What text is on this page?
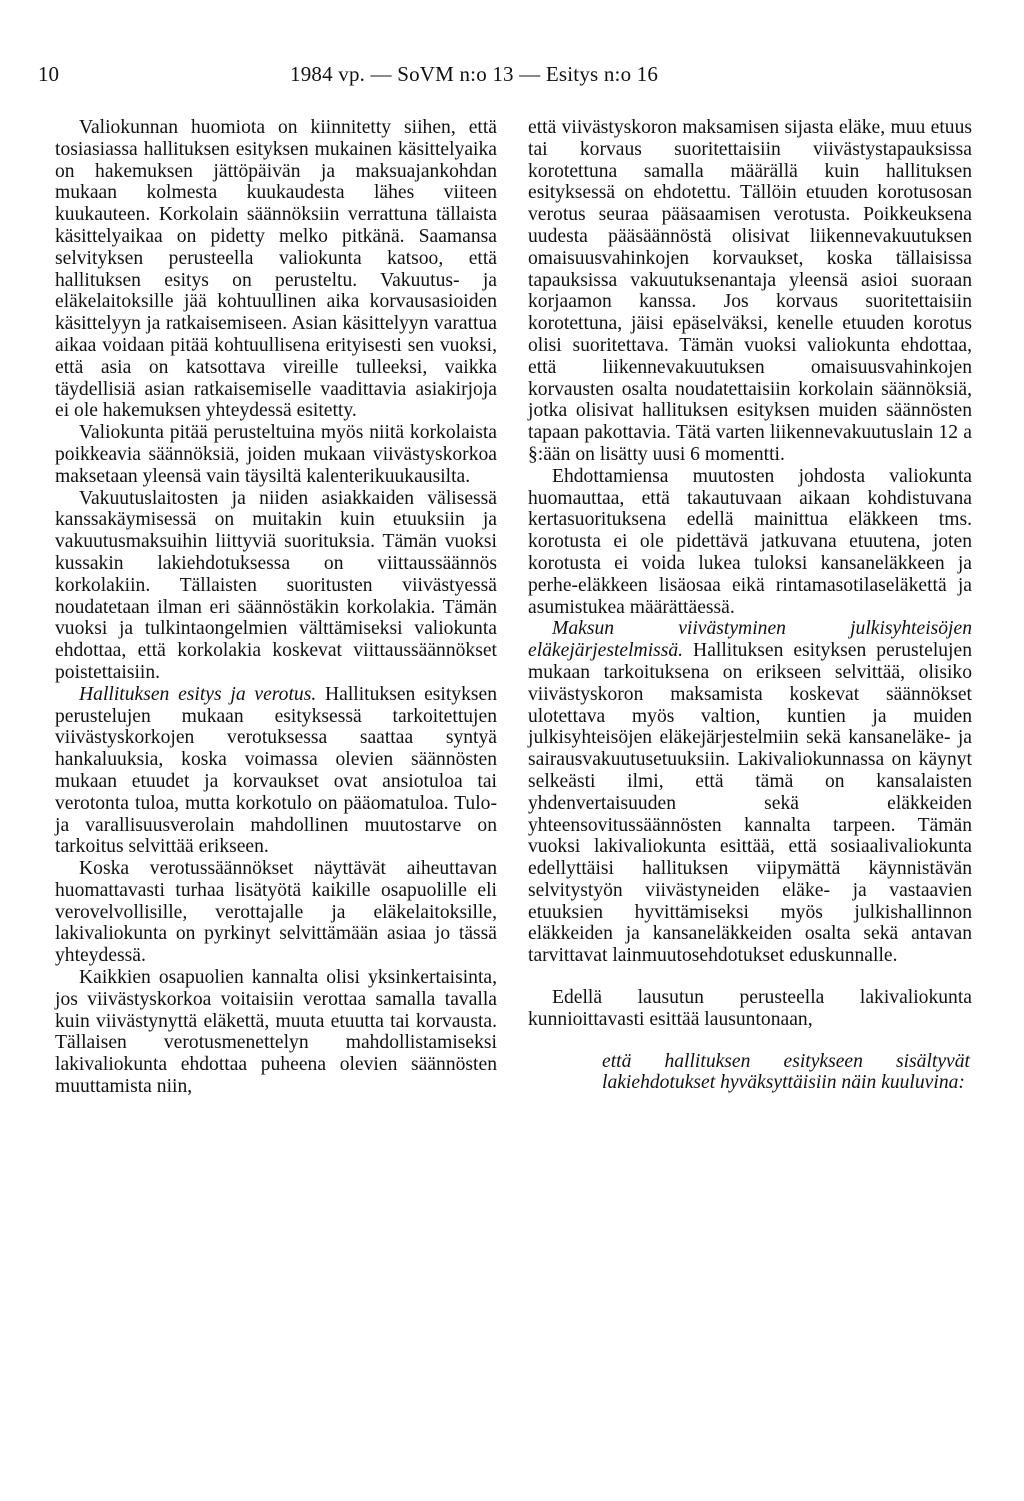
10	1984 vp. — SoVM n:o 13 — Esitys n:o 16

Valiokunnan huomiota on kiinnitetty siihen, että tosiasiassa hallituksen esityksen mukainen käsittelyaika on hakemuksen jättöpäivän ja maksuajankohdan mukaan kolmesta kuukaudesta lähes viiteen kuukauteen. Korkolain säännöksiin verrattuna tällaista käsittelyaikaa on pidetty melko pitkänä. Saamansa selvityksen perusteella valiokunta katsoo, että hallituksen esitys on perusteltu. Vakuutus- ja eläkelaitoksille jää kohtuullinen aika korvausasioiden käsittelyyn ja ratkaisemiseen. Asian käsittelyyn varattua aikaa voidaan pitää kohtuullisena erityisesti sen vuoksi, että asia on katsottava vireille tulleeksi, vaikka täydellisiä asian ratkaisemiselle vaadittavia asiakirjoja ei ole hakemuksen yhteydessä esitetty.

Valiokunta pitää perusteltuina myös niitä korkolaista poikkeavia säännöksiä, joiden mukaan viivästyskorkoa maksetaan yleensä vain täysiltä kalenterikuukausilta.

Vakuutuslaitosten ja niiden asiakkaiden välisessä kanssakäymisessä on muitakin kuin etuuksiin ja vakuutusmaksuihin liittyviä suorituksia. Tämän vuoksi kussakin lakiehdotuksessa on viittaussäännös korkolakiin. Tällaisten suoritusten viivästyessä noudatetaan ilman eri säännöstäkin korkolakia. Tämän vuoksi ja tulkintaongelmien välttämiseksi valiokunta ehdottaa, että korkolakia koskevat viittaussäännökset poistettaisiin.

Hallituksen esitys ja verotus. Hallituksen esityksen perustelujen mukaan esityksessä tarkoitettujen viivästyskorkojen verotuksessa saattaa syntyä hankaluuksia, koska voimassa olevien säännösten mukaan etuudet ja korvaukset ovat ansiotuloa tai verotonta tuloa, mutta korkotulo on pääomatuloa. Tulo- ja varallisuusverolain mahdollinen muutostarve on tarkoitus selvittää erikseen.

Koska verotussäännökset näyttävät aiheuttavan huomattavasti turhaa lisätyötä kaikille osapuolille eli verovelvollisille, verottajalle ja eläkelaitoksille, lakivaliokunta on pyrkinyt selvittämään asiaa jo tässä yhteydessä.

Kaikkien osapuolien kannalta olisi yksinkertaisinta, jos viivästyskorkoa voitaisiin verottaa samalla tavalla kuin viivästynyttä eläkettä, muuta etuutta tai korvausta. Tällaisen verotusmenettelyn mahdollistamiseksi lakivaliokunta ehdottaa puheena olevien säännösten muuttamista niin,

että viivästyskoron maksamisen sijasta eläke, muu etuus tai korvaus suoritettaisiin viivästystapauksissa korotettuna samalla määrällä kuin hallituksen esityksessä on ehdotettu. Tällöin etuuden korotusosan verotus seuraa pääsaamisen verotusta. Poikkeuksena uudesta pääsäännöstä olisivat liikennevakuutuksen omaisuusvahinkojen korvaukset, koska tällaisissa tapauksissa vakuutuksenantaja yleensä asioi suoraan korjaamon kanssa. Jos korvaus suoritettaisiin korotettuna, jäisi epäselväksi, kenelle etuuden korotus olisi suoritettava. Tämän vuoksi valiokunta ehdottaa, että liikennevakuutuksen omaisuusvahinkojen korvausten osalta noudatettaisiin korkolain säännöksiä, jotka olisivat hallituksen esityksen muiden säännösten tapaan pakottavia. Tätä varten liikennevakuutuslain 12 a §:ään on lisätty uusi 6 momentti.

Ehdottamiensa muutosten johdosta valiokunta huomauttaa, että takautuvaan aikaan kohdistuvana kertasuorituksena edellä mainittua eläkkeen tms. korotusta ei ole pidettävä jatkuvana etuutena, joten korotusta ei voida lukea tuloksi kansaneläkkeen ja perhe-eläkkeen lisäosaa eikä rintamasotilaseläkettä ja asumistukea määrättäessä.

Maksun viivästyminen julkisyhteisöjen eläkejärjestelmissä. Hallituksen esityksen perustelujen mukaan tarkoituksena on erikseen selvittää, olisiko viivästyskoron maksamista koskevat säännökset ulotettava myös valtion, kuntien ja muiden julkisyhteisöjen eläkejärjestelmiin sekä kansaneläke- ja sairausvakuutusetuuksiin. Lakivaliokunnassa on käynyt selkeästi ilmi, että tämä on kansalaisten yhdenvertaisuuden sekä eläkkeiden yhteensovitussäännösten kannalta tarpeen. Tämän vuoksi lakivaliokunta esittää, että sosiaalivaliokunta edellyttäisi hallituksen viipymättä käynnistävän selvitystyön viivästyneiden eläke- ja vastaavien etuuksien hyvittämiseksi myös julkishallinnon eläkkeiden ja kansaneläkkeiden osalta sekä antavan tarvittavat lainmuutosehdotukset eduskunnalle.

Edellä lausutun perusteella lakivaliokunta kunnioittavasti esittää lausuntonaan,

että hallituksen esitykseen sisältyvät lakiehdotukset hyväksyttäisiin näin kuuluvina:
